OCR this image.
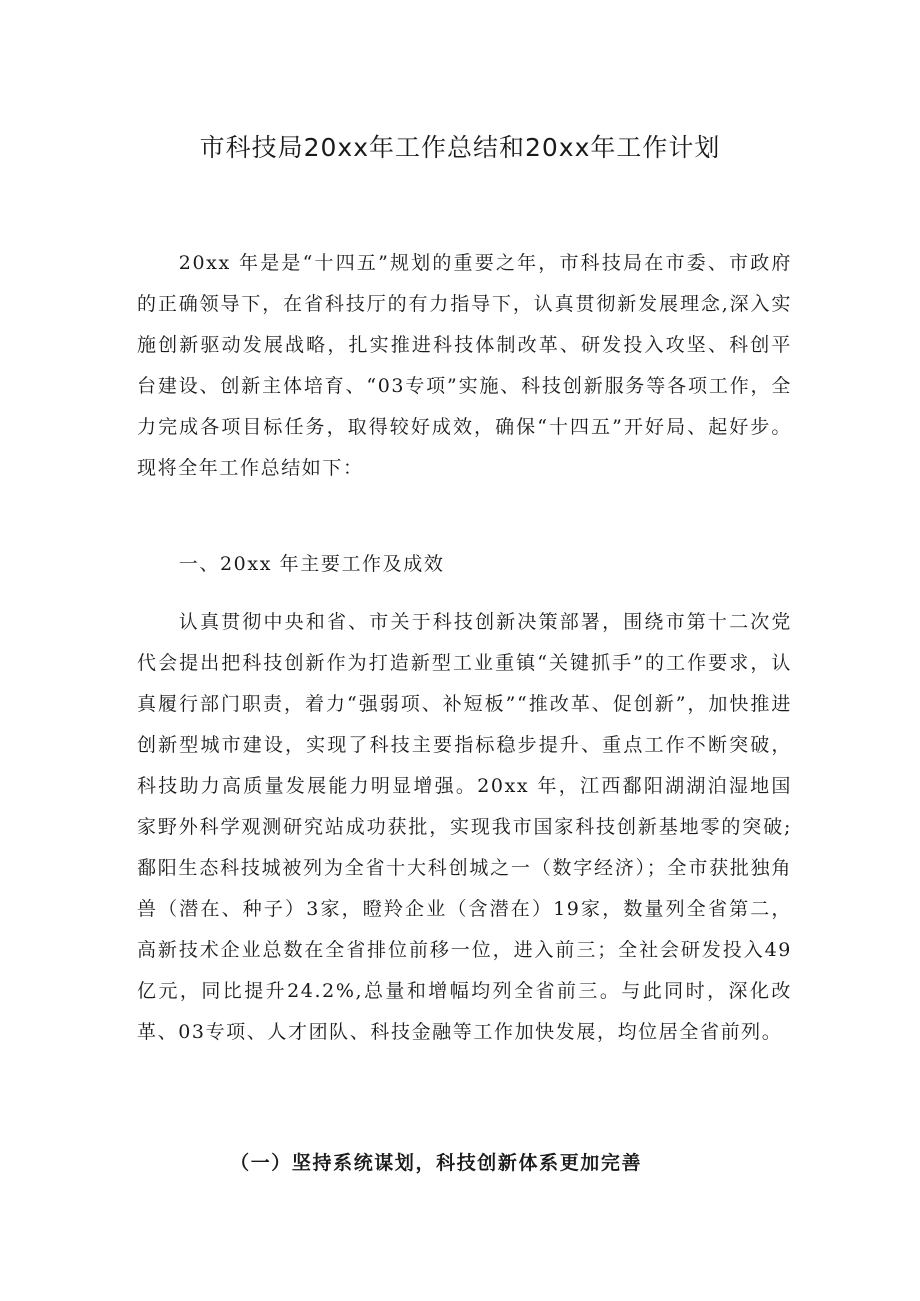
市科技局20xx年工作总结和20xx年工作计划

20xx 年是是“十四五”规划的重要之年，市科技局在市委、市政府的正确领导下，在省科技厅的有力指导下，认真贯彻新发展理念,深入实施创新驱动发展战略，扎实推进科技体制改革、研发投入攻坚、科创平台建设、创新主体培育、“03专项”实施、科技创新服务等各项工作，全力完成各项目标任务，取得较好成效，确保“十四五”开好局、起好步。现将全年工作总结如下：

一、20xx 年主要工作及成效

认真贯彻中央和省、市关于科技创新决策部署，围绕市第十二次党代会提出把科技创新作为打造新型工业重镇“关键抓手”的工作要求，认真履行部门职责，着力“强弱项、补短板”“推改革、促创新”，加快推进创新型城市建设，实现了科技主要指标稳步提升、重点工作不断突破，科技助力高质量发展能力明显增强。20xx 年，江西鄱阳湖湖泊湿地国家野外科学观测研究站成功获批，实现我市国家科技创新基地零的突破;鄱阳生态科技城被列为全省十大科创城之一（数字经济）；全市获批独角兽（潜在、种子）3家，瞪羚企业（含潜在）19家，数量列全省第二，高新技术企业总数在全省排位前移一位，进入前三；全社会研发投入49亿元，同比提升24.2%,总量和增幅均列全省前三。与此同时，深化改革、03专项、人才团队、科技金融等工作加快发展，均位居全省前列。

（一）坚持系统谋划，科技创新体系更加完善
